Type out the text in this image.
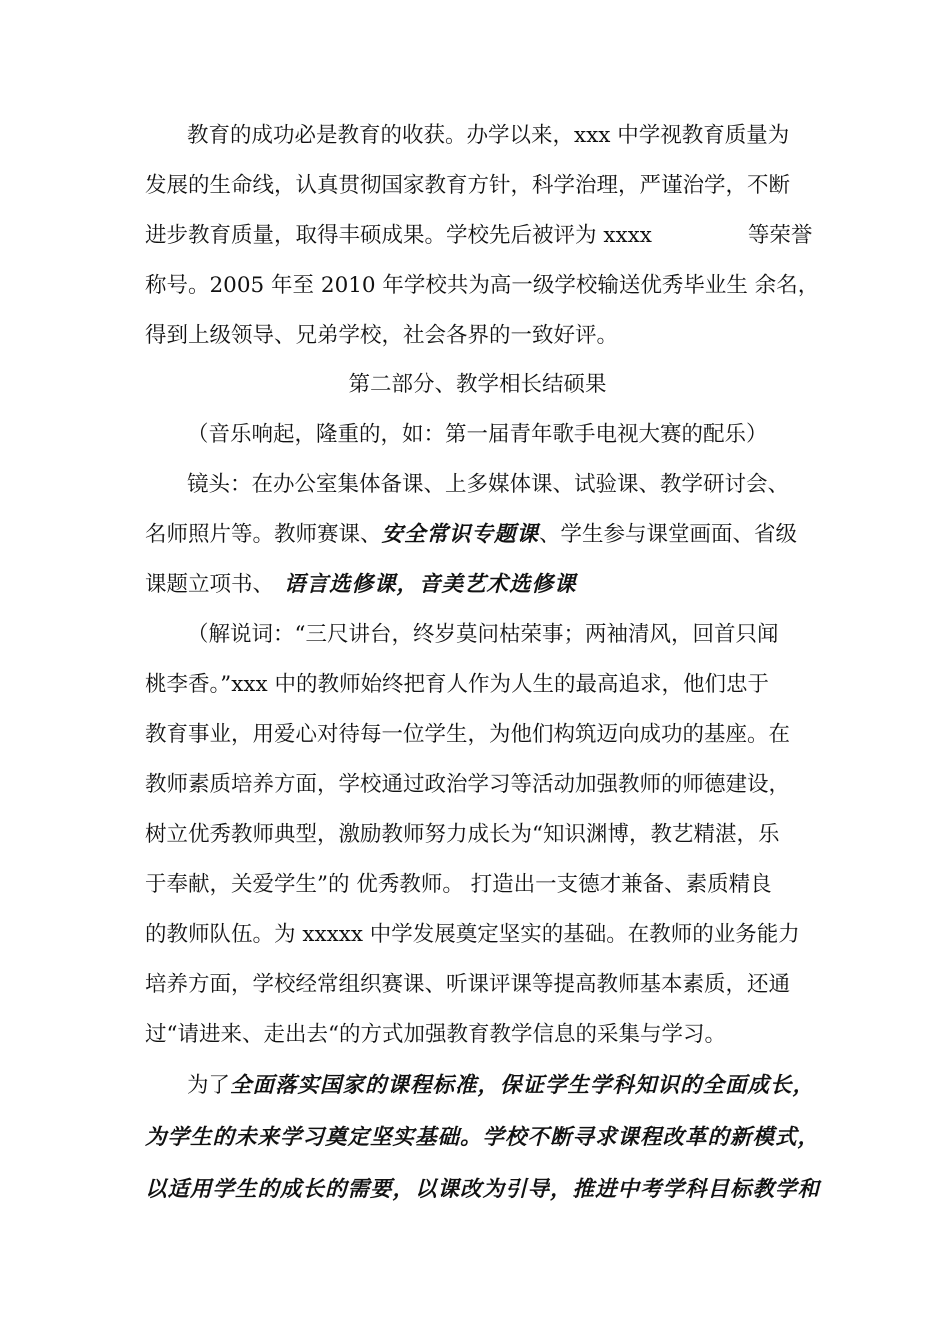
教育的成功必是教育的收获。办学以来，xxx 中学视教育质量为
发展的生命线，认真贯彻国家教育方针，科学治理，严谨治学，不断
进步教育质量，取得丰硕成果。学校先后被评为 xxxx	等荣誉
称号。2005 年至 2010 年学校共为高一级学校输送优秀毕业生 余名，
得到上级领导、兄弟学校，社会各界的一致好评。
第二部分、教学相长结硕果
（音乐响起，隆重的，如：第一届青年歌手电视大赛的配乐）
镜头：在办公室集体备课、上多媒体课、试验课、教学研讨会、
名师照片等。教师赛课、安全常识专题课、学生参与课堂画面、省级
课题立项书、 语言选修课，音美艺术选修课
（解说词：“三尺讲台，终岁莫问枯荣事；两袖清风，回首只闻
桃李香。”xxx 中的教师始终把育人作为人生的最高追求，他们忠于
教育事业，用爱心对待每一位学生，为他们构筑迈向成功的基座。在
教师素质培养方面，学校通过政治学习等活动加强教师的师德建设，
树立优秀教师典型，激励教师努力成长为“知识渊博，教艺精湛，乐
于奉献，关爱学生”的 优秀教师。 打造出一支德才兼备、素质精良
的教师队伍。为 xxxxx 中学发展奠定坚实的基础。在教师的业务能力
培养方面，学校经常组织赛课、听课评课等提高教师基本素质，还通
过“请进来、走出去“的方式加强教育教学信息的采集与学习。
为了全面落实国家的课程标准，保证学生学科知识的全面成长，
为学生的未来学习奠定坚实基础。学校不断寻求课程改革的新模式，
以适用学生的成长的需要，以课改为引导，推进中考学科目标教学和
